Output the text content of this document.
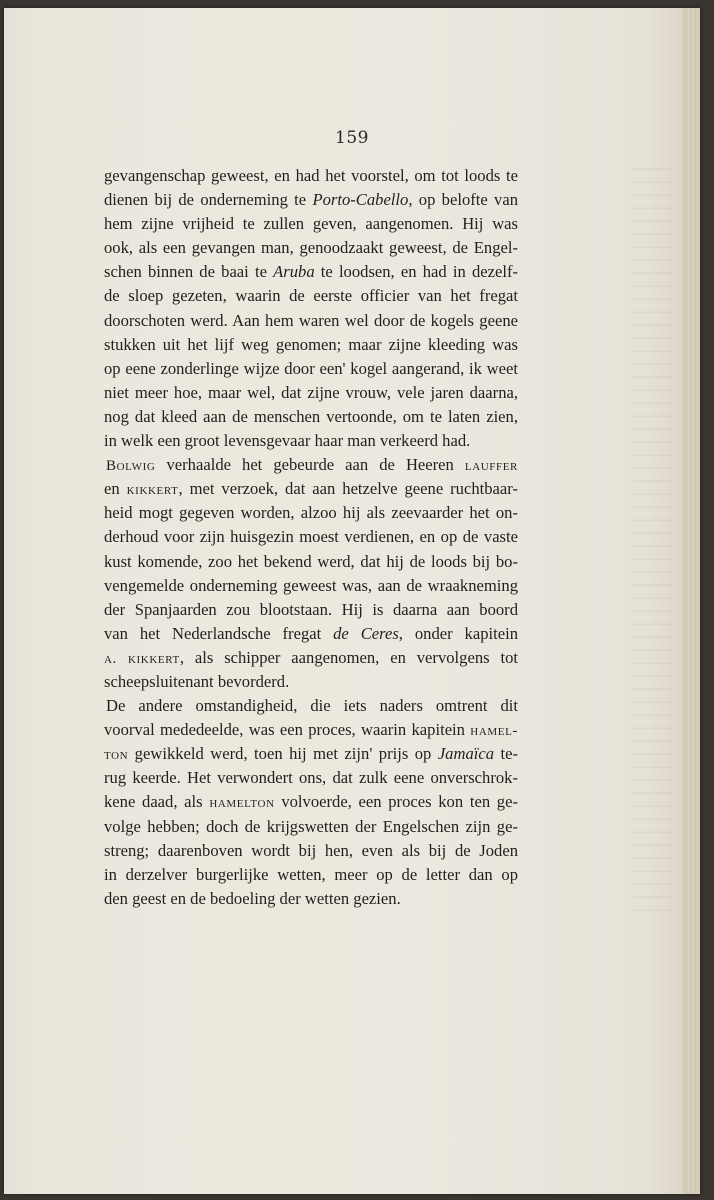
159
gevangenschap geweest, en had het voorstel, om tot loods te
dienen bij de onderneming te Porto-Cabello, op belofte van
hem zijne vrijheid te zullen geven, aangenomen. Hij was
ook, als een gevangen man, genoodzaakt geweest, de Engel-
schen binnen de baai te Aruba te loodsen, en had in dezelf-
de sloep gezeten, waarin de eerste officier van het fregat
doorschoten werd. Aan hem waren wel door de kogels geene
stukken uit het lijf weg genomen; maar zijne kleeding was
op eene zonderlinge wijze door een' kogel aangerand, ik weet
niet meer hoe, maar wel, dat zijne vrouw, vele jaren daarna,
nog dat kleed aan de menschen vertoonde, om te laten zien,
in welk een groot levensgevaar haar man verkeerd had.
Bolwig verhaalde het gebeurde aan de Heeren lauffer
en kikkert, met verzoek, dat aan hetzelve geene ruchtbaar-
heid mogt gegeven worden, alzoo hij als zeevaarder het on-
derhoud voor zijn huisgezin moest verdienen, en op de vaste
kust komende, zoo het bekend werd, dat hij de loods bij bo-
vengemelde onderneming geweest was, aan de wraakneming
der Spanjaarden zou blootstaan. Hij is daarna aan boord
van het Nederlandsche fregat de Ceres, onder kapitein
a. kikkert, als schipper aangenomen, en vervolgens tot
scheepsluitenant bevorderd.
De andere omstandigheid, die iets naders omtrent dit
voorval mededeelde, was een proces, waarin kapitein hamel-
ton gewikkeld werd, toen hij met zijn' prijs op Jamaïca te-
rug keerde. Het verwondert ons, dat zulk eene onverschrok-
kene daad, als hamelton volvoerde, een proces kon ten ge-
volge hebben; doch de krijgswetten der Engelschen zijn ge-
streng; daarenboven wordt bij hen, even als bij de Joden
in derzelver burgerlijke wetten, meer op de letter dan op
den geest en de bedoeling der wetten gezien.
